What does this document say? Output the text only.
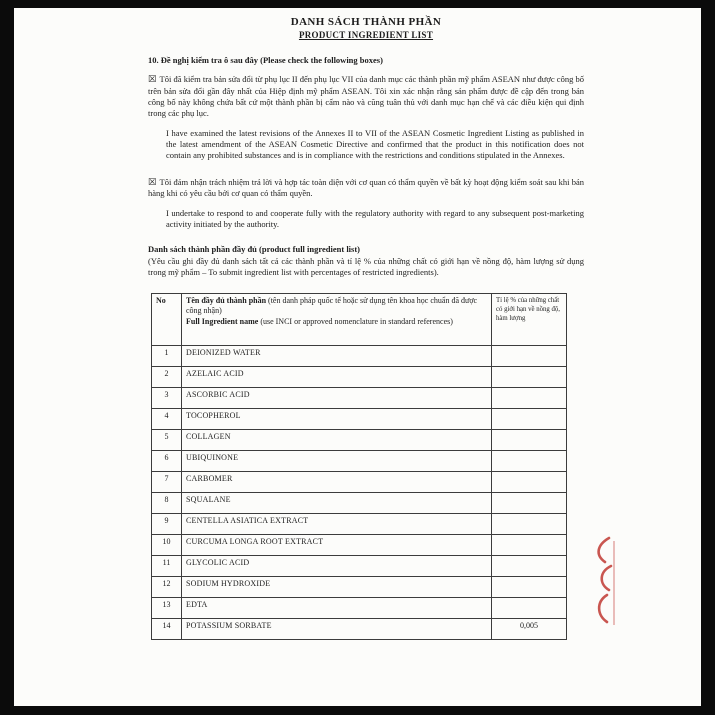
DANH SÁCH THÀNH PHẦN
PRODUCT INGREDIENT LIST
10. Đề nghị kiểm tra ô sau đây (Please check the following boxes)

☒ Tôi đã kiểm tra bản sửa đổi từ phụ lục II đến phụ lục VII của danh mục các thành phần mỹ phẩm ASEAN như được công bố trên bản sửa đổi gần đây nhất của Hiệp định mỹ phẩm ASEAN. Tôi xin xác nhận rằng sản phẩm được đề cập đến trong bản công bố này không chứa bất cứ một thành phần bị cấm nào và cũng tuân thủ với danh mục hạn chế và các điều kiện qui định trong các phụ lục.

I have examined the latest revisions of the Annexes II to VII of the ASEAN Cosmetic Ingredient Listing as published in the latest amendment of the ASEAN Cosmetic Directive and confirmed that the product in this notification does not contain any prohibited substances and is in compliance with the restrictions and conditions stipulated in the Annexes.

☒ Tôi đảm nhận trách nhiệm trả lời và hợp tác toàn diện với cơ quan có thẩm quyền về bất kỳ hoạt động kiểm soát sau khi bán hàng khi có yêu cầu bởi cơ quan có thẩm quyền.

I undertake to respond to and cooperate fully with the regulatory authority with regard to any subsequent post-marketing activity initiated by the authority.

Danh sách thành phần đầy đủ (product full ingredient list)

(Yêu cầu ghi đầy đủ danh sách tất cả các thành phần và tỉ lệ % của những chất có giới hạn về nồng độ, hàm lượng sử dụng trong mỹ phẩm – To submit ingredient list with percentages of restricted ingredients).

No	Tên đầy đủ thành phần (tên danh pháp quốc tế hoặc sử dụng tên khoa học chuẩn đã được công nhận)
Full Ingredient name (use INCI or approved nomenclature in standard references)	Tỉ lệ % của những chất có giới hạn về nồng độ, hàm lượng
1	DEIONIZED WATER	
2	AZELAIC ACID	
3	ASCORBIC ACID	
4	TOCOPHEROL	
5	COLLAGEN	
6	UBIQUINONE	
7	CARBOMER	
8	SQUALANE	
9	CENTELLA ASIATICA EXTRACT	
10	CURCUMA LONGA ROOT EXTRACT	
11	GLYCOLIC ACID	
12	SODIUM HYDROXIDE	
13	EDTA	
14	POTASSIUM SORBATE	0,005
